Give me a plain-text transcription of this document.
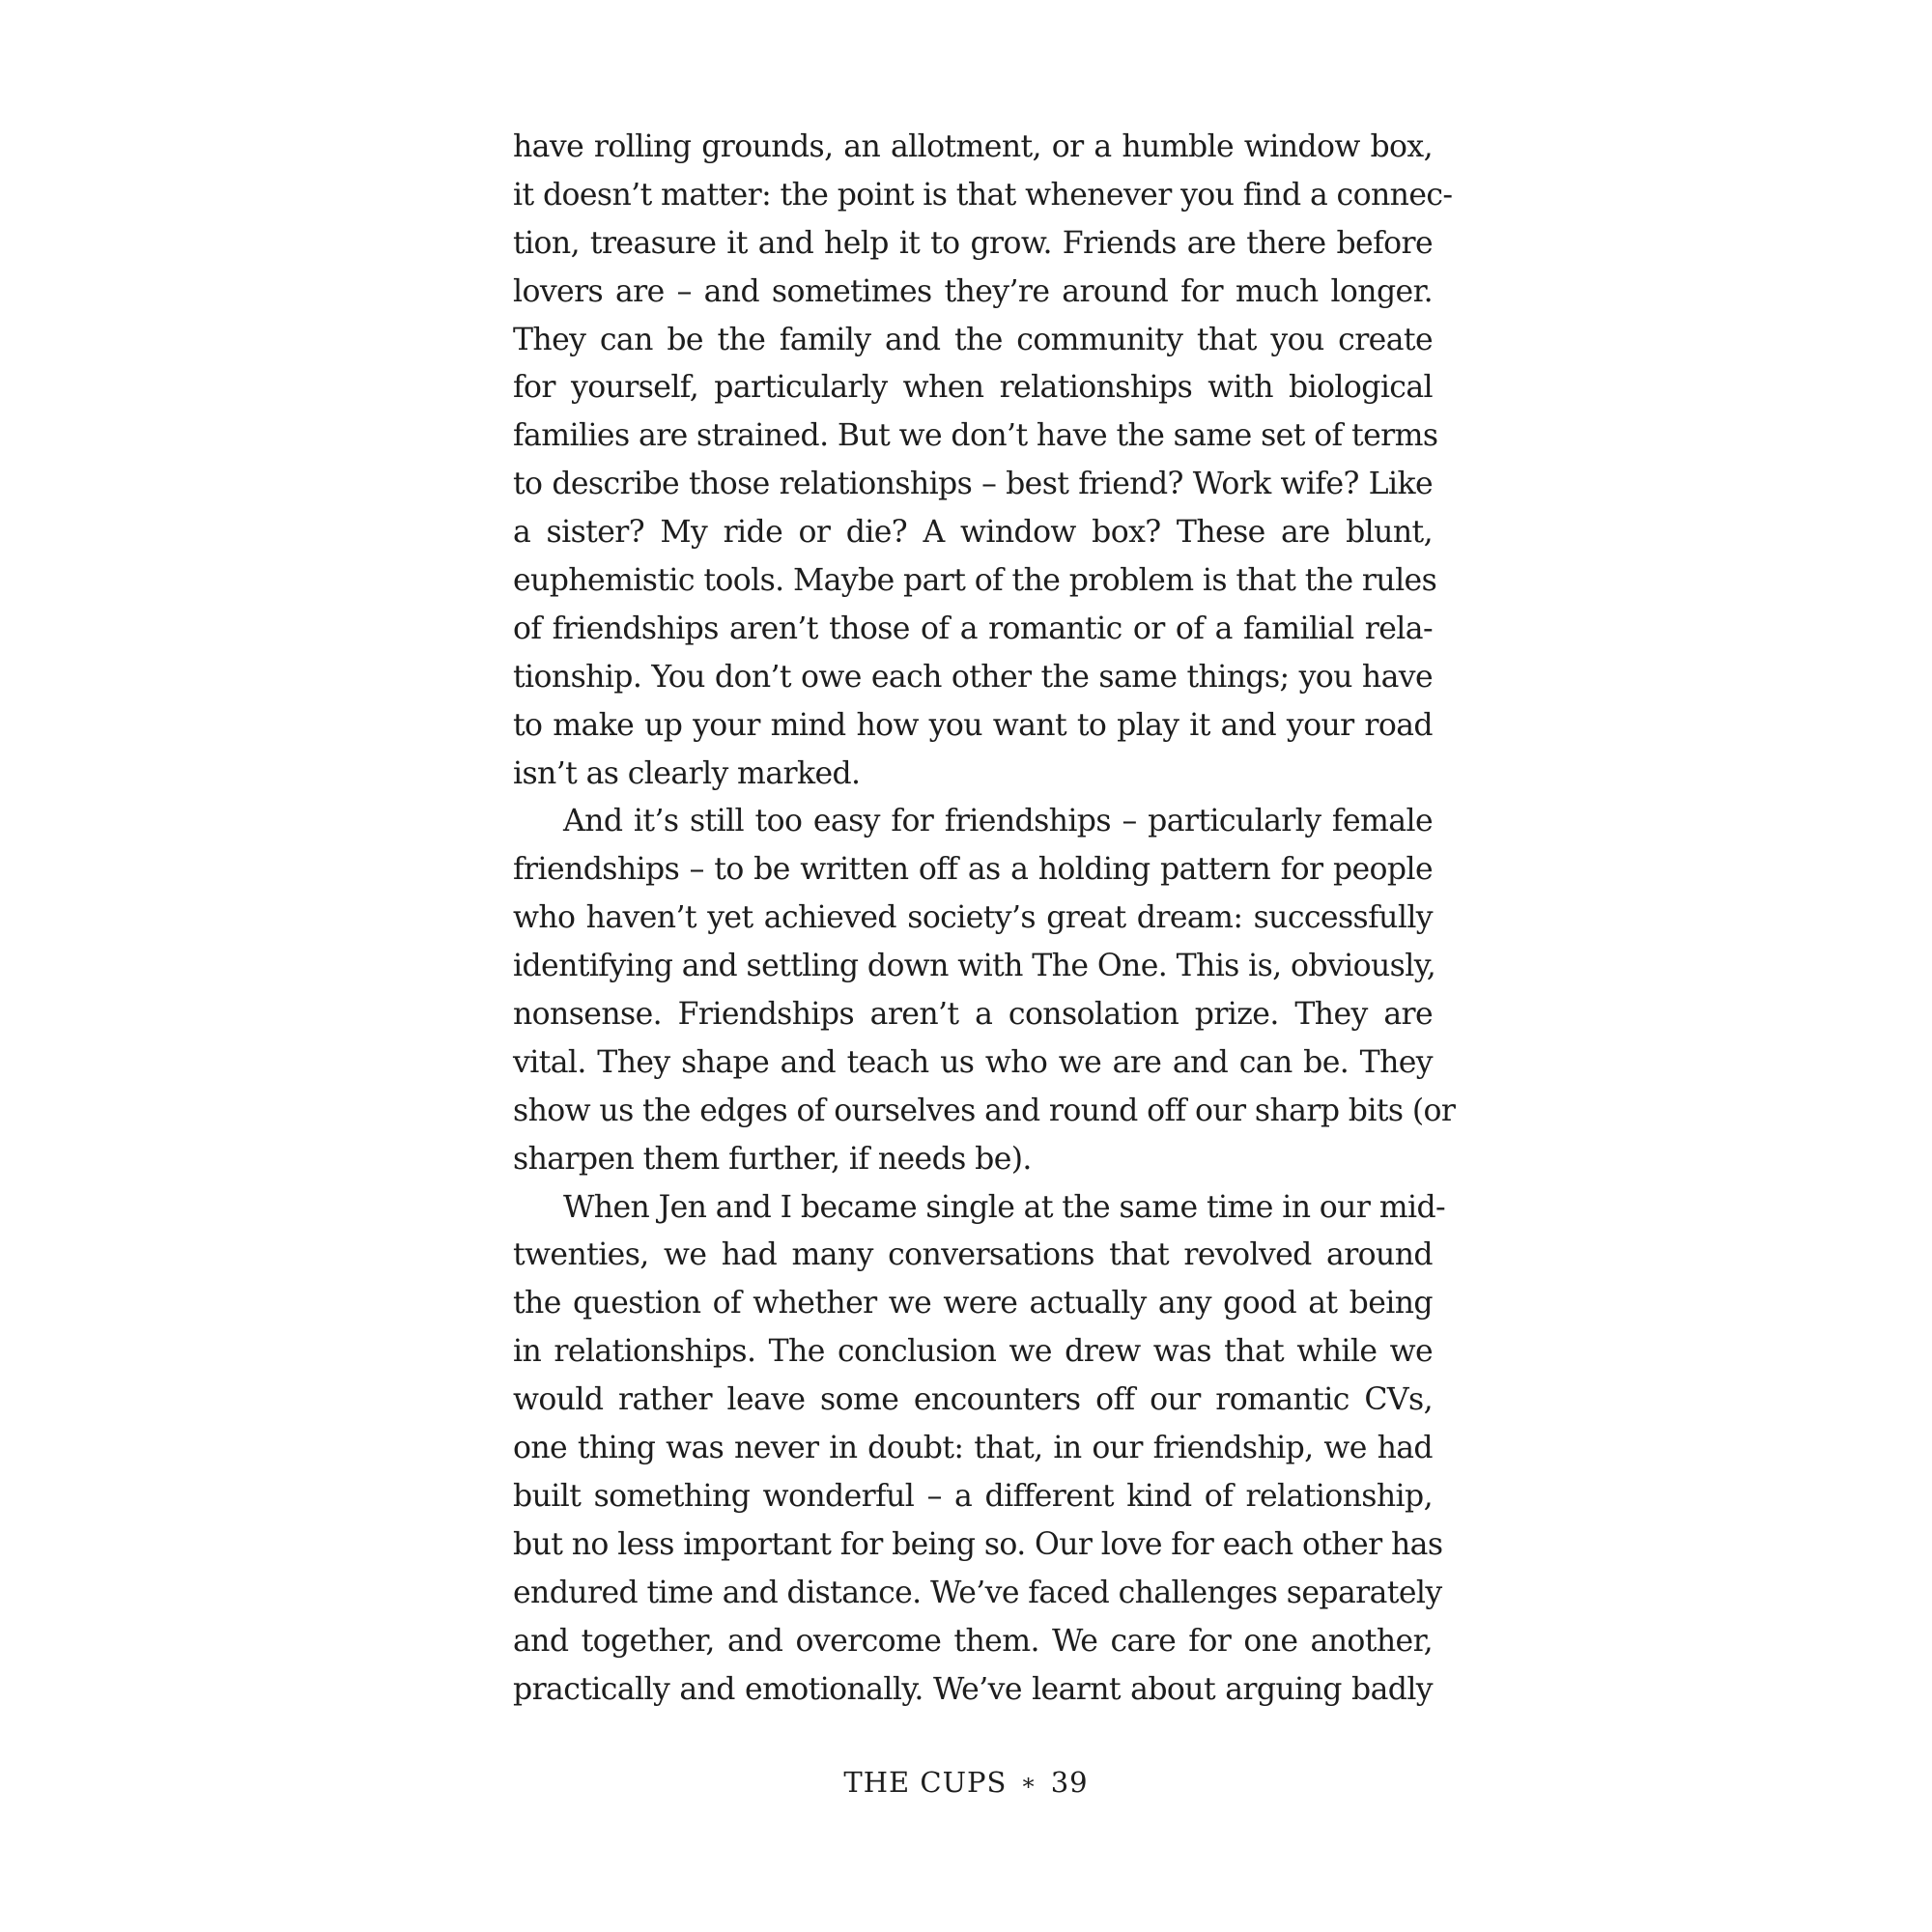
have rolling grounds, an allotment, or a humble window box,
it doesn’t matter: the point is that whenever you find a connec-
tion, treasure it and help it to grow. Friends are there before
lovers are – and sometimes they’re around for much longer.
They can be the family and the community that you create
for yourself, particularly when relationships with biological
families are strained. But we don’t have the same set of terms
to describe those relationships – best friend? Work wife? Like
a sister? My ride or die? A window box? These are blunt,
euphemistic tools. Maybe part of the problem is that the rules
of friendships aren’t those of a romantic or of a familial rela-
tionship. You don’t owe each other the same things; you have
to make up your mind how you want to play it and your road
isn’t as clearly marked.
And it’s still too easy for friendships – particularly female
friendships – to be written off as a holding pattern for people
who haven’t yet achieved society’s great dream: successfully
identifying and settling down with The One. This is, obviously,
nonsense. Friendships aren’t a consolation prize. They are
vital. They shape and teach us who we are and can be. They
show us the edges of ourselves and round off our sharp bits (or
sharpen them further, if needs be).
When Jen and I became single at the same time in our mid-
twenties, we had many conversations that revolved around
the question of whether we were actually any good at being
in relationships. The conclusion we drew was that while we
would rather leave some encounters off our romantic CVs,
one thing was never in doubt: that, in our friendship, we had
built something wonderful – a different kind of relationship,
but no less important for being so. Our love for each other has
endured time and distance. We’ve faced challenges separately
and together, and overcome them. We care for one another,
practically and emotionally. We’ve learnt about arguing badly
THE CUPS ∗ 39
